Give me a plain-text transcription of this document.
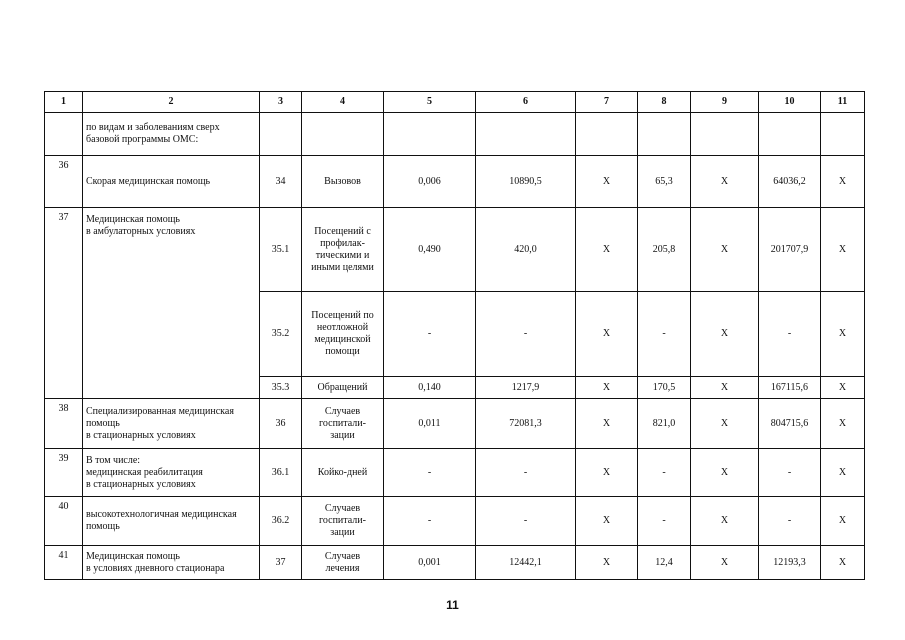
1	2	3	4	5	6	7	8	9	10	11

	по видам и заболеваниям сверх
базовой программы ОМС:									

36	Скорая медицинская помощь	34	Вызовов	0,006	10890,5	X	65,3	X	64036,2	X
37	Медицинская помощь
в амбулаторных условиях	35.1	Посещений с
профилак-
тическими и
иными целями	0,490	420,0	X	205,8	X	201707,9	X
		35.2	Посещений по
неотложной
медицинской
помощи	-	-	X	-	X	-	X
		35.3	Обращений	0,140	1217,9	X	170,5	X	167115,6	X
38	Специализированная медицинская
помощь
в стационарных условиях	36	Случаев
госпитали-
зации	0,011	72081,3	X	821,0	X	804715,6	X
39	В том числе:
медицинская реабилитация
в стационарных условиях	36.1	Койко-дней	-	-	X	-	X	-	X
40	высокотехнологичная медицинская
помощь	36.2	Случаев
госпитали-
зации	-	-	X	-	X	-	X
41	Медицинская помощь
в условиях дневного стационара	37	Случаев
лечения	0,001	12442,1	X	12,4	X	12193,3	X
11
